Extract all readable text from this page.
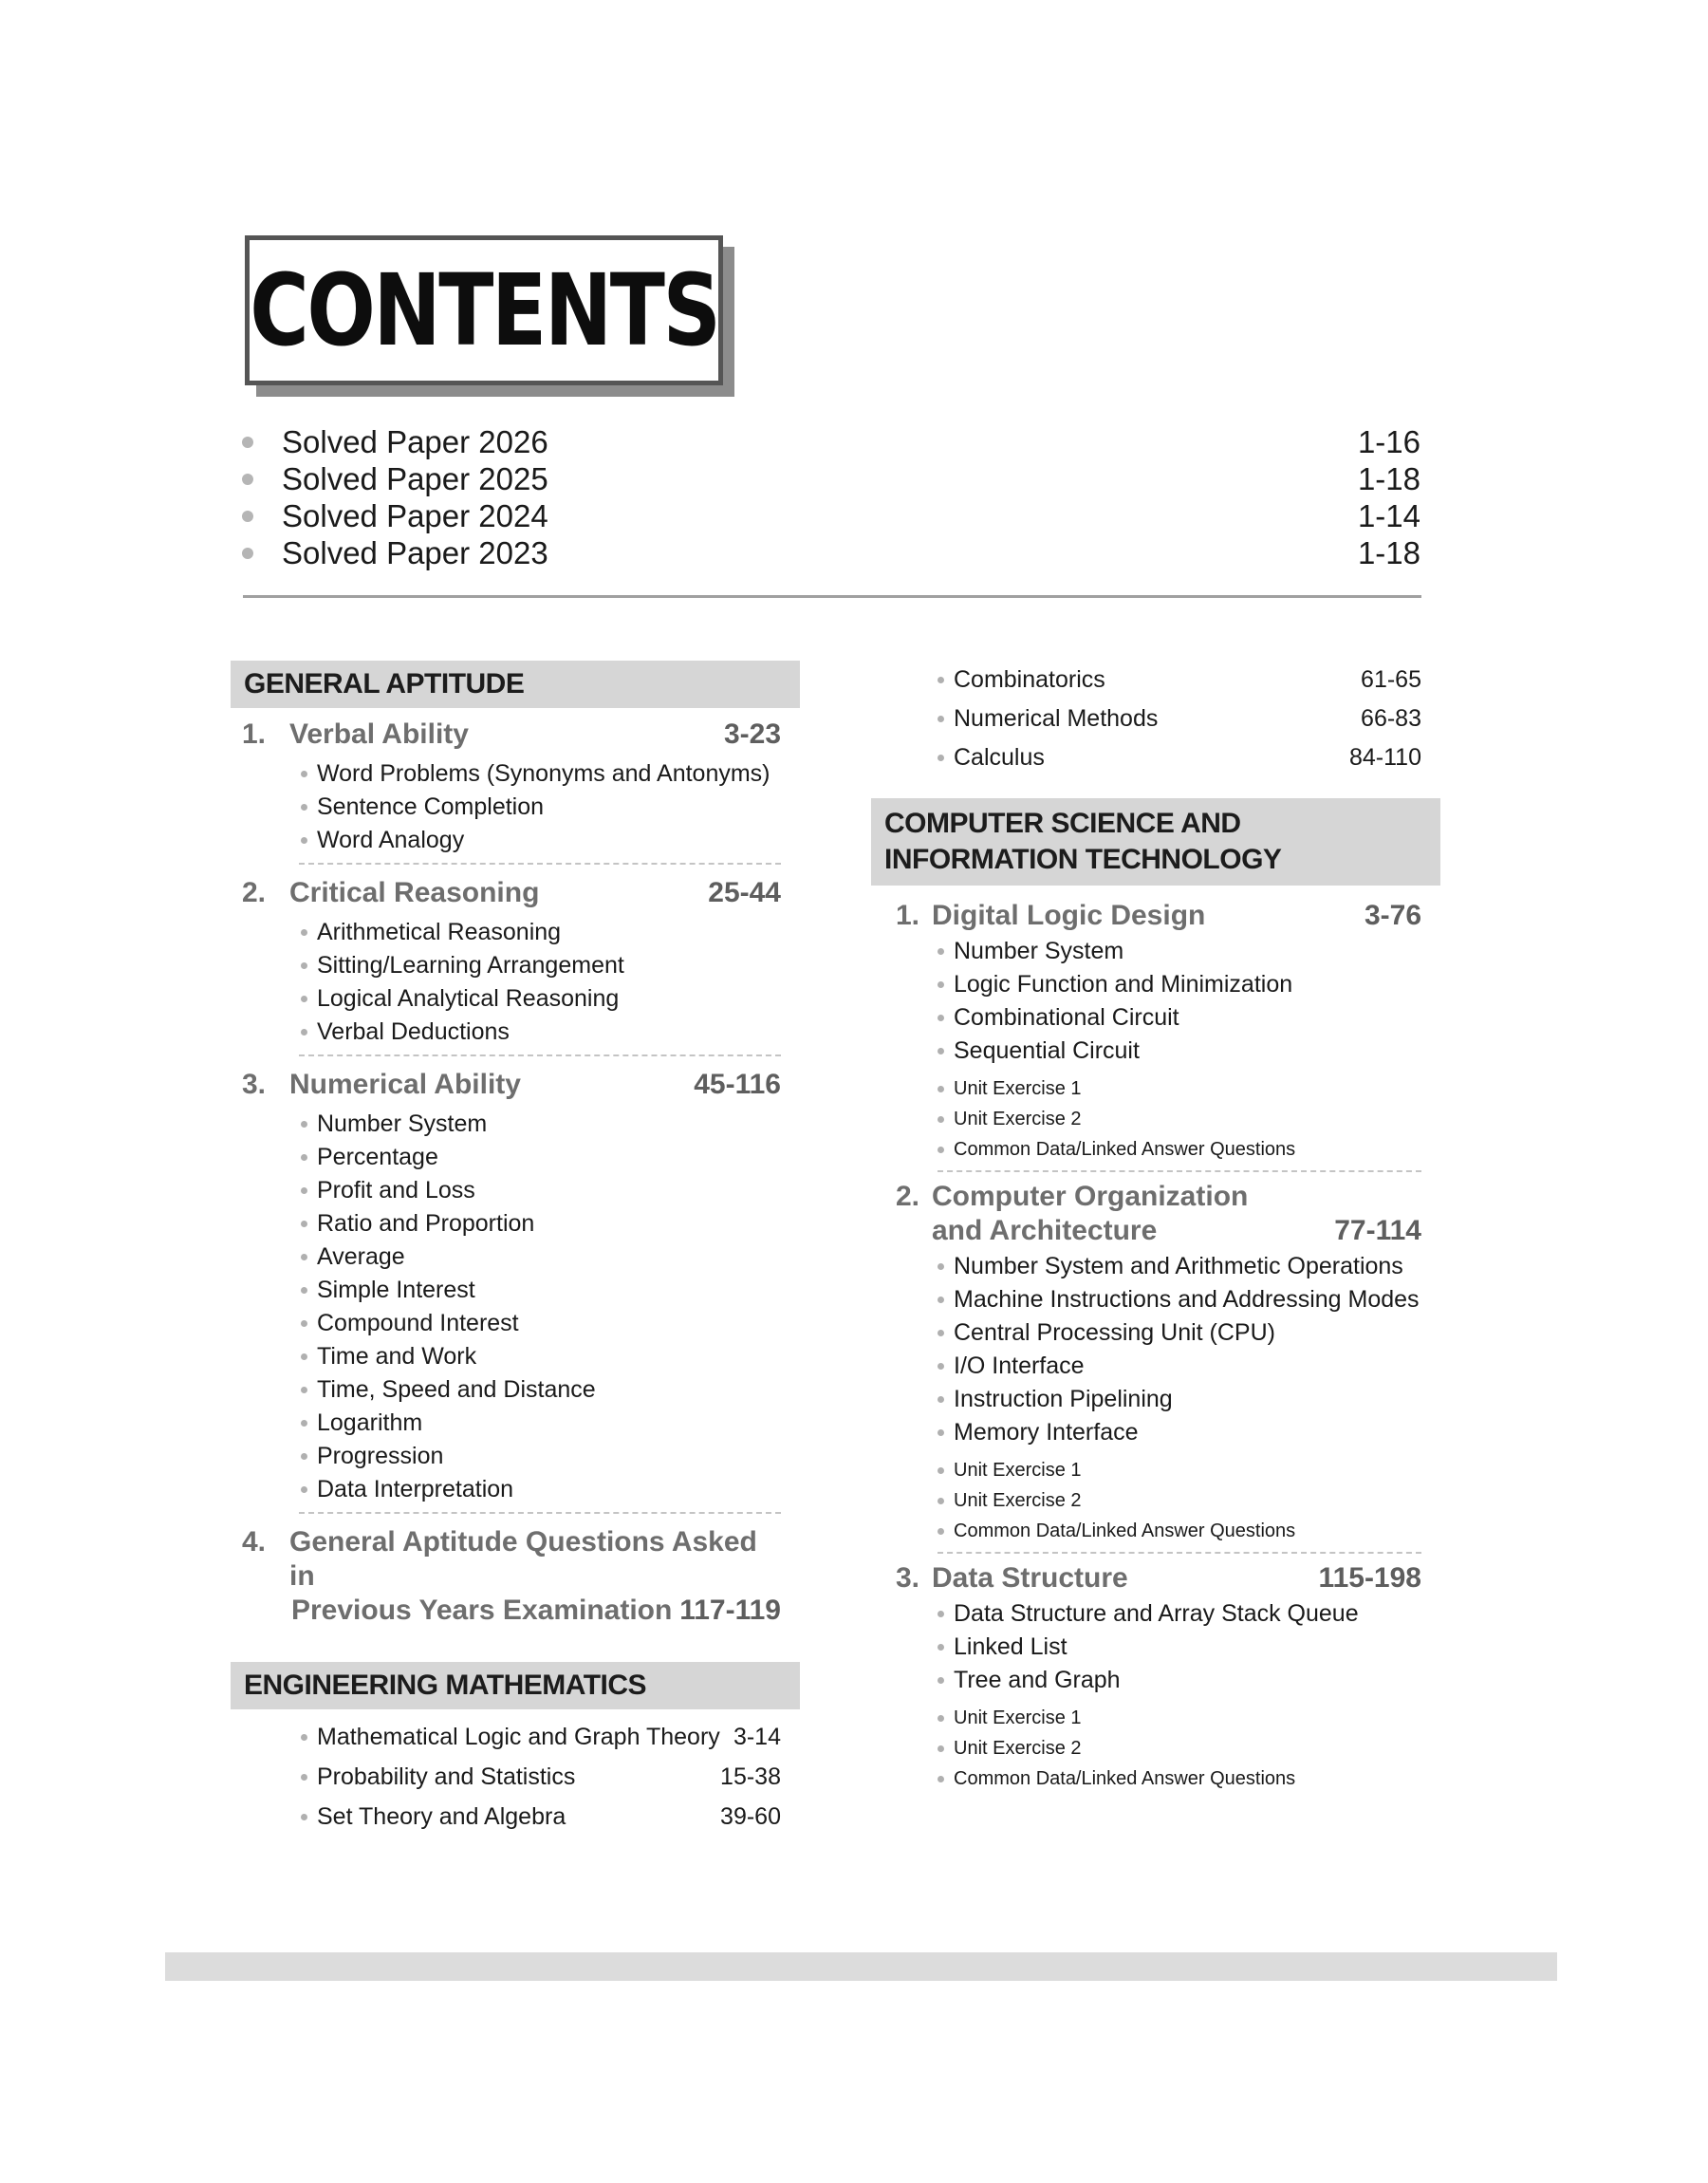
CONTENTS
Solved Paper 2026	1-16
Solved Paper 2025	1-18
Solved Paper 2024	1-14
Solved Paper 2023	1-18
GENERAL APTITUDE
1. Verbal Ability	3-23
Word Problems (Synonyms and Antonyms)
Sentence Completion
Word Analogy
2. Critical Reasoning	25-44
Arithmetical Reasoning
Sitting/Learning Arrangement
Logical Analytical Reasoning
Verbal Deductions
3. Numerical Ability	45-116
Number System
Percentage
Profit and Loss
Ratio and Proportion
Average
Simple Interest
Compound Interest
Time and Work
Time, Speed and Distance
Logarithm
Progression
Data Interpretation
4. General Aptitude Questions Asked in
Previous Years Examination 117-119
ENGINEERING MATHEMATICS
Mathematical Logic and Graph Theory 3-14
Probability and Statistics	15-38
Set Theory and Algebra	39-60
Combinatorics	61-65
Numerical Methods	66-83
Calculus	84-110
COMPUTER SCIENCE AND
INFORMATION TECHNOLOGY
1. Digital Logic Design	3-76
Number System
Logic Function and Minimization
Combinational Circuit
Sequential Circuit
Unit Exercise 1
Unit Exercise 2
Common Data/Linked Answer Questions
2. Computer Organization
and Architecture	77-114
Number System and Arithmetic Operations
Machine Instructions and Addressing Modes
Central Processing Unit (CPU)
I/O Interface
Instruction Pipelining
Memory Interface
Unit Exercise 1
Unit Exercise 2
Common Data/Linked Answer Questions
3. Data Structure	115-198
Data Structure and Array Stack Queue
Linked List
Tree and Graph
Unit Exercise 1
Unit Exercise 2
Common Data/Linked Answer Questions
